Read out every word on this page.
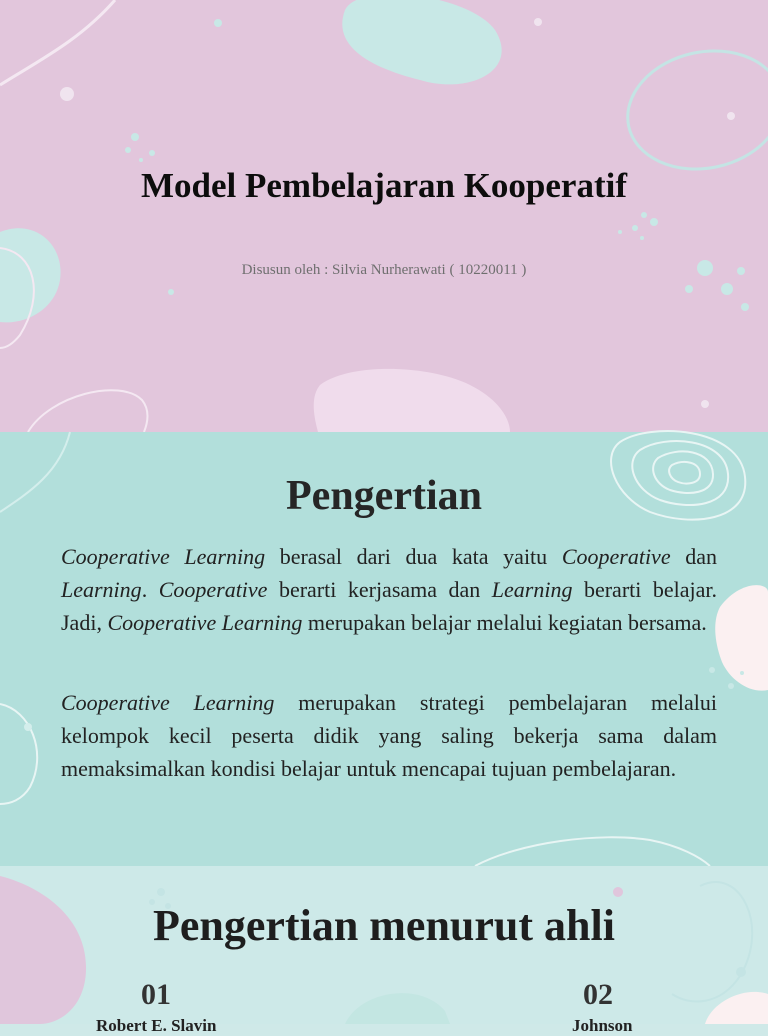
Model Pembelajaran Kooperatif

Disusun oleh : Silvia Nurherawati ( 10220011 )

Pengertian

Cooperative Learning berasal dari dua kata yaitu Cooperative dan Learning. Cooperative berarti kerjasama dan Learning berarti belajar. Jadi, Cooperative Learning merupakan belajar melalui kegiatan bersama.

Cooperative Learning merupakan strategi pembelajaran melalui kelompok kecil peserta didik yang saling bekerja sama dalam memaksimalkan kondisi belajar untuk mencapai tujuan pembelajaran.

Pengertian menurut ahli
01
Robert E. Slavin
02
Johnson
